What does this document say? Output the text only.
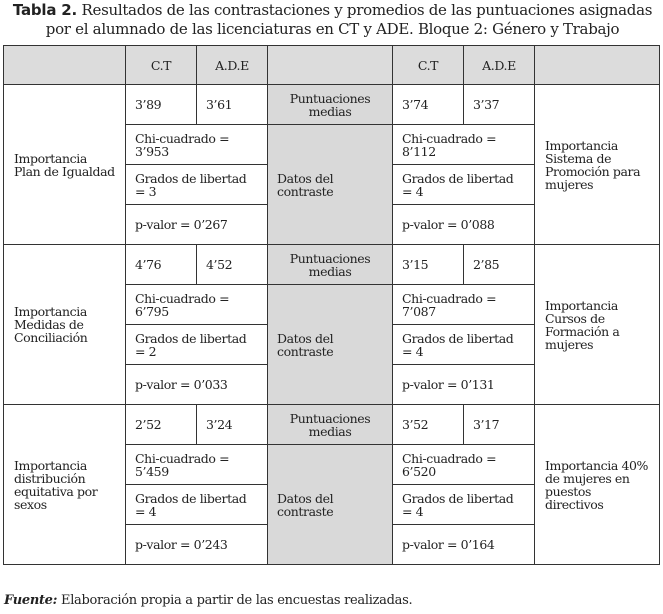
Tabla 2. Resultados de las contrastaciones y promedios de las puntuaciones asignadas por el alumnado de las licenciaturas en CT y ADE. Bloque 2: Género y Trabajo
	C.T	A.D.E		C.T	A.D.E	
Importancia Plan de Igualdad	3’89	3’61	Puntuaciones medias	3’74	3’37	Importancia Sistema de Promoción para mujeres
	Chi-cuadrado = 3’953		Datos del contraste	Chi-cuadrado = 8’112		
	Grados de libertad = 3			Grados de libertad = 4		
	p-valor = 0’267			p-valor = 0’088		
Importancia Medidas de Conciliación	4’76	4’52	Puntuaciones medias	3’15	2’85	Importancia Cursos de Formación a mujeres
	Chi-cuadrado = 6’795		Datos del contraste	Chi-cuadrado = 7’087		
	Grados de libertad = 2			Grados de libertad = 4		
	p-valor = 0’033			p-valor = 0’131		
Importancia distribución equitativa por sexos	2’52	3’24	Puntuaciones medias	3’52	3’17	Importancia 40% de mujeres en puestos directivos
	Chi-cuadrado = 5’459		Datos del contraste	Chi-cuadrado = 6’520		
	Grados de libertad = 4			Grados de libertad = 4		
	p-valor = 0’243			p-valor = 0’164		
Fuente: Elaboración propia a partir de las encuestas realizadas.
